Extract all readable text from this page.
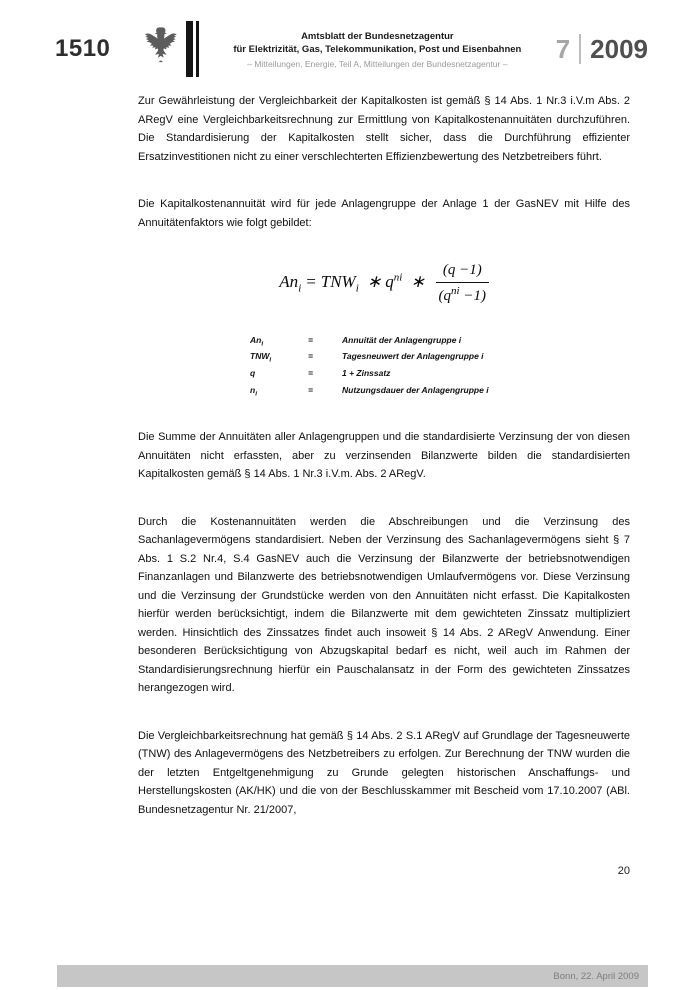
1510	Amtsblatt der Bundesnetzagentur
für Elektrizität, Gas, Telekommunikation, Post und Eisenbahnen
– Mitteilungen, Energie, Teil A, Mitteilungen der Bundesnetzagentur –	7 2009

Zur Gewährleistung der Vergleichbarkeit der Kapitalkosten ist gemäß § 14 Abs. 1 Nr.3 i.V.m Abs. 2 ARegV eine Vergleichbarkeitsrechnung zur Ermittlung von Kapitalkostenannuitäten durchzuführen. Die Standardisierung der Kapitalkosten stellt sicher, dass die Durchführung effizienter Ersatzinvestitionen nicht zu einer verschlechterten Effizienzbewertung des Netzbetreibers führt.

Die Kapitalkostenannuität wird für jede Anlagengruppe der Anlage 1 der GasNEV mit Hilfe des Annuitätenfaktors wie folgt gebildet:

$An_i = TNW_i$ ∗ $q^{ni}$ ∗ $\frac{(q -1)}{(q^{ni} -1)}$
$An_i$	=	Annuität der Anlagengruppe i
$TNW_i$	=	Tagesneuwert der Anlagengruppe i
q	=	1 + Zinssatz
$n_i$	=	Nutzungsdauer der Anlagengruppe i

Die Summe der Annuitäten aller Anlagengruppen und die standardisierte Verzinsung der von diesen Annuitäten nicht erfassten, aber zu verzinsenden Bilanzwerte bilden die standardisierten Kapitalkosten gemäß § 14 Abs. 1 Nr.3 i.V.m. Abs. 2 ARegV.

Durch die Kostenannuitäten werden die Abschreibungen und die Verzinsung des Sachanlagevermögens standardisiert. Neben der Verzinsung des Sachanlagevermögens sieht § 7 Abs. 1 S.2 Nr.4, S.4 GasNEV auch die Verzinsung der Bilanzwerte der betriebsnotwendigen Finanzanlagen und Bilanzwerte des betriebsnotwendigen Umlaufvermögens vor. Diese Verzinsung und die Verzinsung der Grundstücke werden von den Annuitäten nicht erfasst. Die Kapitalkosten hierfür werden berücksichtigt, indem die Bilanzwerte mit dem gewichteten Zinssatz multipliziert werden. Hinsichtlich des Zinssatzes findet auch insoweit § 14 Abs. 2 ARegV Anwendung. Einer besonderen Berücksichtigung von Abzugskapital bedarf es nicht, weil auch im Rahmen der Standardisierungsrechnung hierfür ein Pauschalansatz in der Form des gewichteten Zinssatzes herangezogen wird.

Die Vergleichbarkeitsrechnung hat gemäß § 14 Abs. 2 S.1 ARegV auf Grundlage der Tagesneuwerte (TNW) des Anlagevermögens des Netzbetreibers zu erfolgen. Zur Berechnung der TNW wurden die der letzten Entgeltgenehmigung zu Grunde gelegten historischen Anschaffungs- und Herstellungskosten (AK/HK) und die von der Beschlusskammer mit Bescheid vom 17.10.2007 (ABl. Bundesnetzagentur Nr. 21/2007,

20
Bonn, 22. April 2009
